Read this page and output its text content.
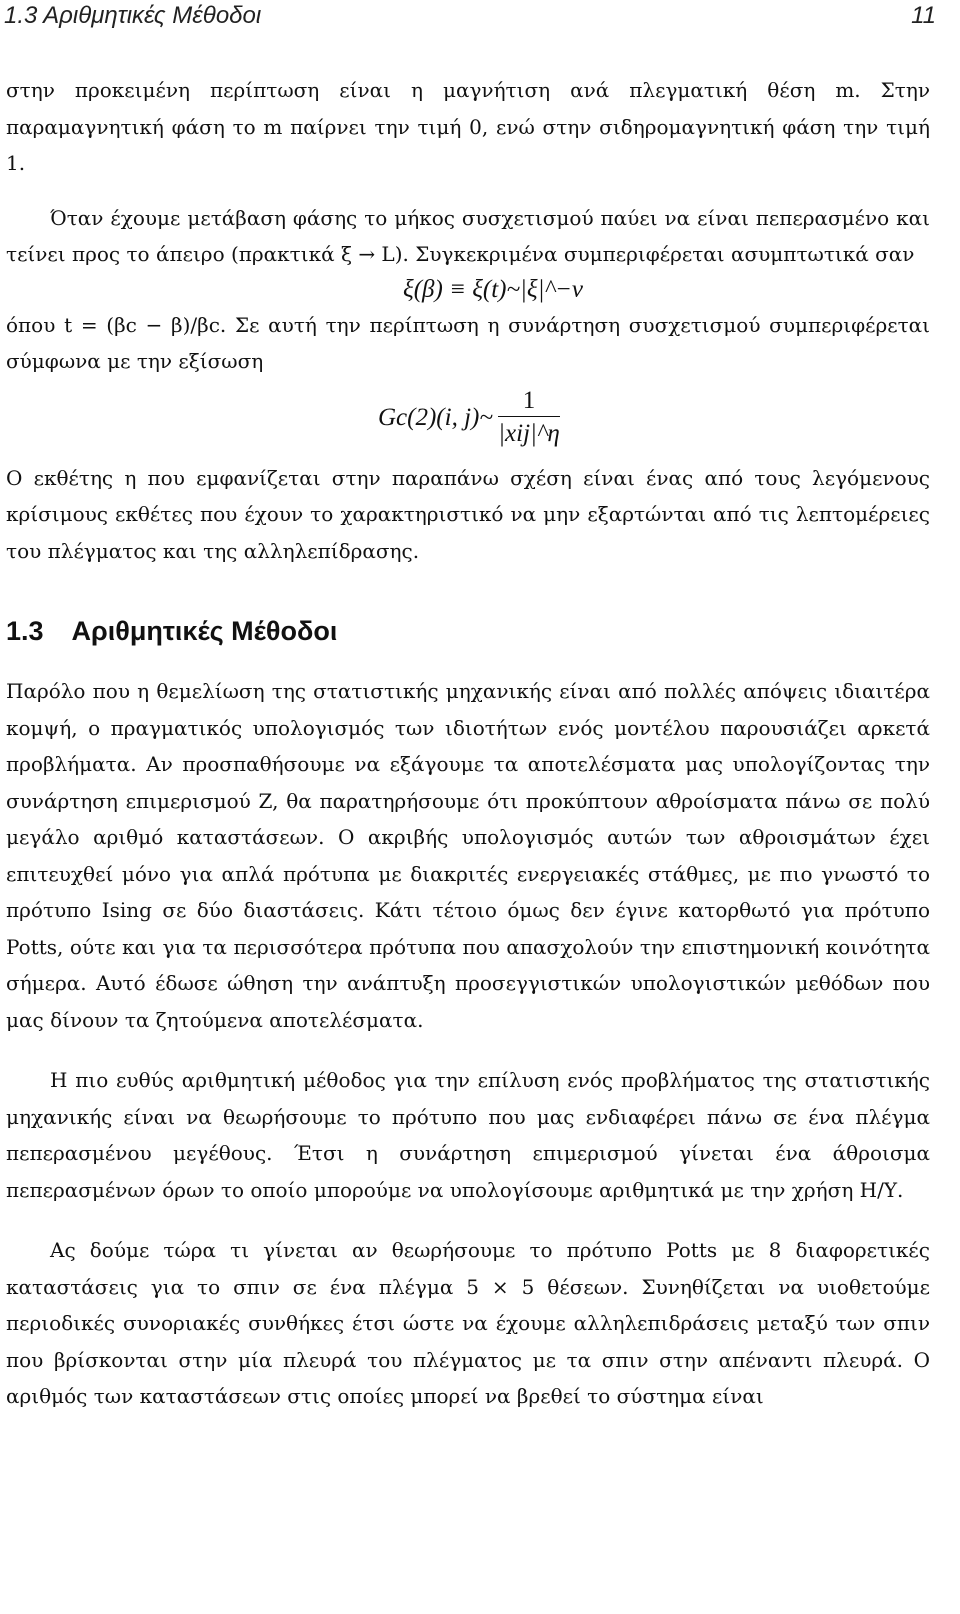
1.3 Αριθμητικές Μέθοδοι	11

στην προκειμένη περίπτωση είναι η μαγνήτιση ανά πλεγματική θέση m. Στην παραμαγνητική φάση το m παίρνει την τιμή 0, ενώ στην σιδηρομαγνητική φάση την τιμή 1.

Όταν έχουμε μετάβαση φάσης το μήκος συσχετισμού παύει να είναι πεπερασμένο και τείνει προς το άπειρο (πρακτικά ξ → L). Συγκεκριμένα συμπεριφέρεται ασυμπτωτικά σαν

ξ(β) ≡ ξ(t)~|ξ|^−ν

όπου t = (βc − β)/βc. Σε αυτή την περίπτωση η συνάρτηση συσχετισμού συμπεριφέρεται σύμφωνα με την εξίσωση

Gc(2)(i, j)~
1
|xij|^η

Ο εκθέτης η που εμφανίζεται στην παραπάνω σχέση είναι ένας από τους λεγόμενους κρίσιμους εκθέτες που έχουν το χαρακτηριστικό να μην εξαρτώνται από τις λεπτομέρειες του πλέγματος και της αλληλεπίδρασης.

1.3 Αριθμητικές Μέθοδοι

Παρόλο που η θεμελίωση της στατιστικής μηχανικής είναι από πολλές απόψεις ιδιαιτέρα κομψή, ο πραγματικός υπολογισμός των ιδιοτήτων ενός μοντέλου παρουσιάζει αρκετά προβλήματα. Αν προσπαθήσουμε να εξάγουμε τα αποτελέσματα μας υπολογίζοντας την συνάρτηση επιμερισμού Z, θα παρατηρήσουμε ότι προκύπτουν αθροίσματα πάνω σε πολύ μεγάλο αριθμό καταστάσεων. Ο ακριβής υπολογισμός αυτών των αθροισμάτων έχει επιτευχθεί μόνο για απλά πρότυπα με διακριτές ενεργειακές στάθμες, με πιο γνωστό το πρότυπο Ising σε δύο διαστάσεις. Κάτι τέτοιο όμως δεν έγινε κατορθωτό για πρότυπο Potts, ούτε και για τα περισσότερα πρότυπα που απασχολούν την επιστημονική κοινότητα σήμερα. Αυτό έδωσε ώθηση την ανάπτυξη προσεγγιστικών υπολογιστικών μεθόδων που μας δίνουν τα ζητούμενα αποτελέσματα.

Η πιο ευθύς αριθμητική μέθοδος για την επίλυση ενός προβλήματος της στατιστικής μηχανικής είναι να θεωρήσουμε το πρότυπο που μας ενδιαφέρει πάνω σε ένα πλέγμα πεπερασμένου μεγέθους. Έτσι η συνάρτηση επιμερισμού γίνεται ένα άθροισμα πεπερασμένων όρων το οποίο μπορούμε να υπολογίσουμε αριθμητικά με την χρήση Η/Υ.

Ας δούμε τώρα τι γίνεται αν θεωρήσουμε το πρότυπο Potts με 8 διαφορετικές καταστάσεις για το σπιν σε ένα πλέγμα 5 × 5 θέσεων. Συνηθίζεται να υιοθετούμε περιοδικές συνοριακές συνθήκες έτσι ώστε να έχουμε αλληλεπιδράσεις μεταξύ των σπιν που βρίσκονται στην μία πλευρά του πλέγματος με τα σπιν στην απέναντι πλευρά. Ο αριθμός των καταστάσεων στις οποίες μπορεί να βρεθεί το σύστημα είναι
